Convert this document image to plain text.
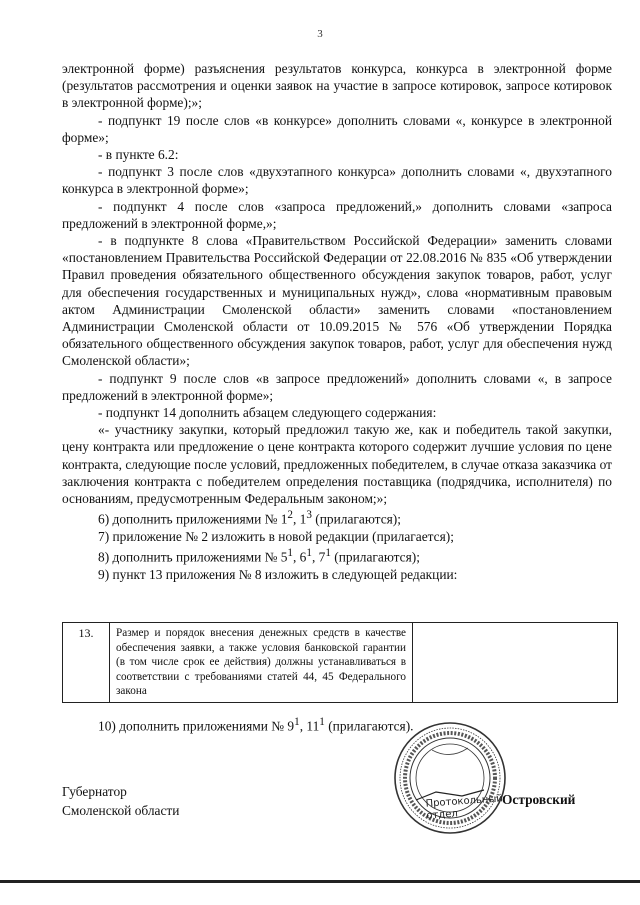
3

электронной форме) разъяснения результатов конкурса, конкурса в электронной форме (результатов рассмотрения и оценки заявок на участие в запросе котировок, запросе котировок в электронной форме);»;

- подпункт 19 после слов «в конкурсе» дополнить словами «, конкурсе в электронной форме»;

- в пункте 6.2:

- подпункт 3 после слов «двухэтапного конкурса» дополнить словами «, двухэтапного конкурса в электронной форме»;

- подпункт 4 после слов «запроса предложений,» дополнить словами «запроса предложений в электронной форме,»;

- в подпункте 8 слова «Правительством Российской Федерации» заменить словами «постановлением Правительства Российской Федерации от 22.08.2016 № 835 «Об утверждении Правил проведения обязательного общественного обсуждения закупок товаров, работ, услуг для обеспечения государственных и муниципальных нужд», слова «нормативным правовым актом Администрации Смоленской области» заменить словами «постановлением Администрации Смоленской области от 10.09.2015 № 576 «Об утверждении Порядка обязательного общественного обсуждения закупок товаров, работ, услуг для обеспечения нужд Смоленской области»;

- подпункт 9 после слов «в запросе предложений» дополнить словами «, в запросе предложений в электронной форме»;

- подпункт 14 дополнить абзацем следующего содержания:

«- участнику закупки, который предложил такую же, как и победитель такой закупки, цену контракта или предложение о цене контракта которого содержит лучшие условия по цене контракта, следующие после условий, предложенных победителем, в случае отказа заказчика от заключения контракта с победителем определения поставщика (подрядчика, исполнителя) по основаниям, предусмотренным Федеральным законом;»;

6) дополнить приложениями № $1^2$, $1^3$ (прилагаются);

7) приложение № 2 изложить в новой редакции (прилагается);

8) дополнить приложениями № $5^1$, $6^1$, $7^1$ (прилагаются);

9) пункт 13 приложения № 8 изложить в следующей редакции:

13.	Размер и порядок внесения денежных средств в качестве обеспечения заявки, а также условия банковской гарантии (в том числе срок ее действия) должны устанавливаться в соответствии с требованиями статей 44, 45 Федерального закона	
10) дополнить приложениями № $9^1$, $11^1$ (прилагаются).
Губернатор
Смоленской области
Протокольный
отдел
Островский
